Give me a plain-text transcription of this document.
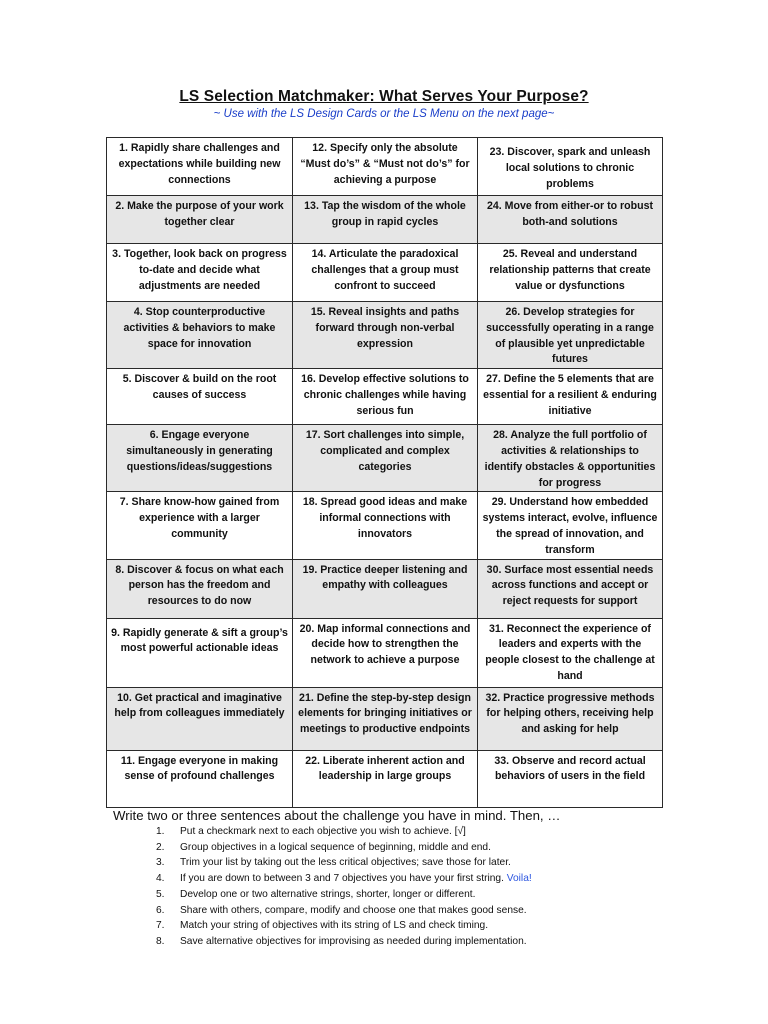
LS Selection Matchmaker: What Serves Your Purpose?
~ Use with the LS Design Cards or the LS Menu on the next page~
1. Rapidly share challenges and expectations while building new connections	12. Specify only the absolute “Must do’s” & “Must not do’s” for achieving a purpose	23. Discover, spark and unleash local solutions to chronic problems
2. Make the purpose of your work together clear	13. Tap the wisdom of the whole group in rapid cycles	24. Move from either-or to robust both-and solutions
3. Together, look back on progress to-date and decide what adjustments are needed	14. Articulate the paradoxical challenges that a group must confront to succeed	25. Reveal and understand relationship patterns that create value or dysfunctions
4. Stop counterproductive activities & behaviors to make space for innovation	15. Reveal insights and paths forward through non-verbal expression	26. Develop strategies for successfully operating in a range of plausible yet unpredictable futures
5. Discover & build on the root causes of success	16. Develop effective solutions to chronic challenges while having serious fun	27. Define the 5 elements that are essential for a resilient & enduring initiative
6. Engage everyone simultaneously in generating questions/ideas/suggestions	17. Sort challenges into simple, complicated and complex categories	28. Analyze the full portfolio of activities & relationships to identify obstacles & opportunities for progress
7. Share know-how gained from experience with a larger community	18. Spread good ideas and make informal connections with innovators	29. Understand how embedded systems interact, evolve, influence the spread of innovation, and transform
8. Discover & focus on what each person has the freedom and resources to do now	19. Practice deeper listening and empathy with colleagues	30. Surface most essential needs across functions and accept or reject requests for support
9. Rapidly generate & sift a group’s most powerful actionable ideas	20. Map informal connections and decide how to strengthen the network to achieve a purpose	31. Reconnect the experience of leaders and experts with the people closest to the challenge at hand
10. Get practical and imaginative help from colleagues immediately	21. Define the step-by-step design elements for bringing initiatives or meetings to productive endpoints	32. Practice progressive methods for helping others, receiving help and asking for help
11. Engage everyone in making sense of profound challenges	22. Liberate inherent action and leadership in large groups	33. Observe and record actual behaviors of users in the field
Write two or three sentences about the challenge you have in mind. Then, …
1. Put a checkmark next to each objective you wish to achieve. [√]
2. Group objectives in a logical sequence of beginning, middle and end.
3. Trim your list by taking out the less critical objectives; save those for later.
4. If you are down to between 3 and 7 objectives you have your first string. Voila!
5. Develop one or two alternative strings, shorter, longer or different.
6. Share with others, compare, modify and choose one that makes good sense.
7. Match your string of objectives with its string of LS and check timing.
8. Save alternative objectives for improvising as needed during implementation.
